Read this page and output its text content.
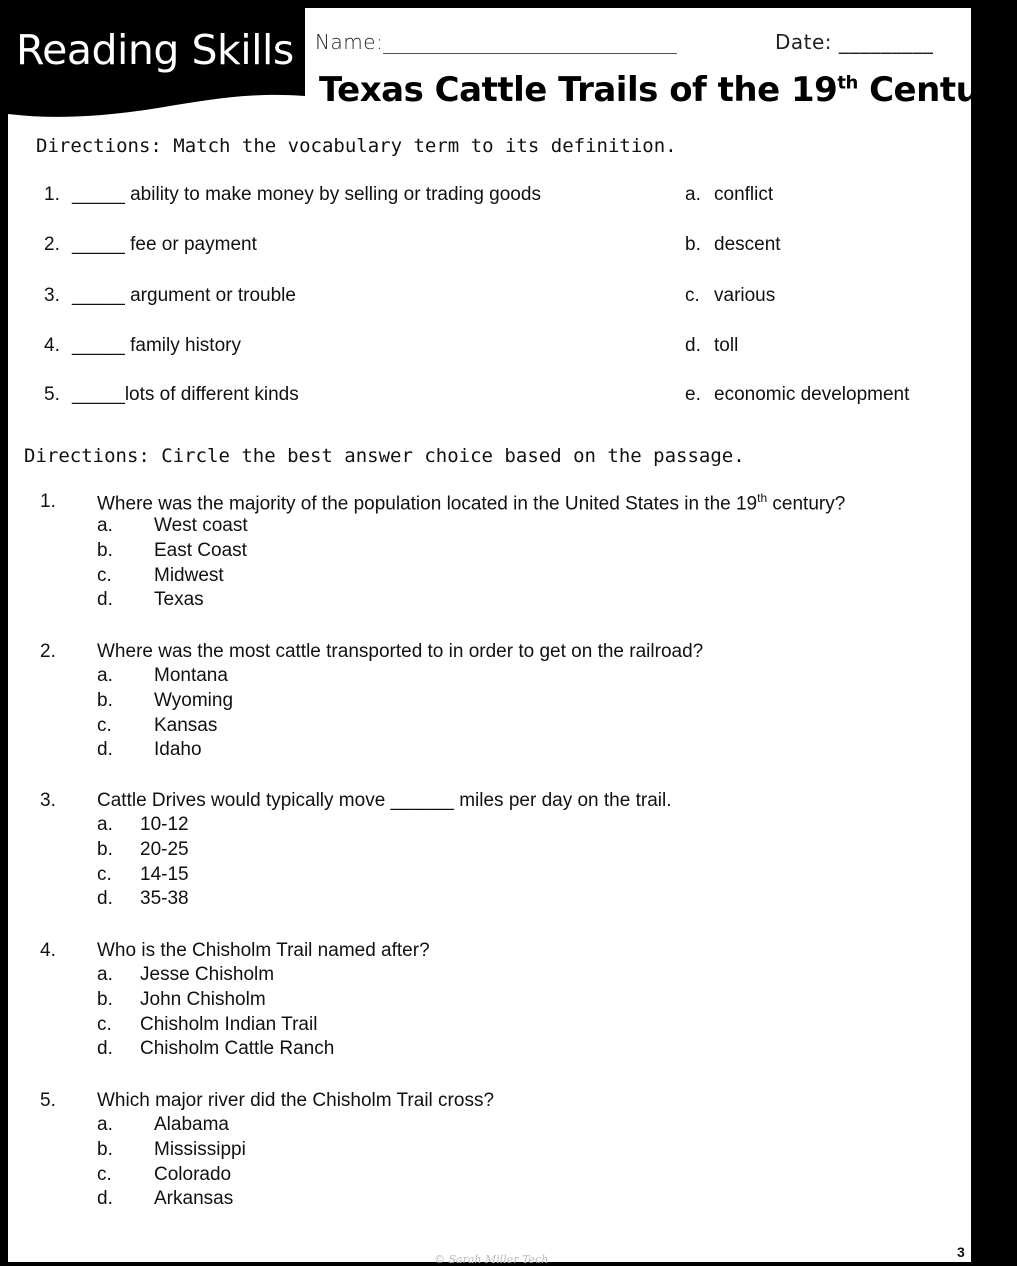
Reading Skills Name:____________________________	Date: _________
Texas Cattle Trails of the 19th Century
Directions: Match the vocabulary term to its definition.
1. _____ ability to make money by selling or trading goods	a. conflict
2. _____ fee or payment	b. descent
3. _____ argument or trouble	c. various
4. _____ family history	d. toll
5. _____lots of different kinds	e. economic development
Directions: Circle the best answer choice based on the passage.
1. Where was the majority of the population located in the United States in the 19th century?
a. West coast
b. East Coast
c. Midwest
d. Texas
2. Where was the most cattle transported to in order to get on the railroad?
a. Montana
b. Wyoming
c. Kansas
d. Idaho
3. Cattle Drives would typically move ______ miles per day on the trail.
a. 10-12
b. 20-25
c. 14-15
d. 35-38
4. Who is the Chisholm Trail named after?
a. Jesse Chisholm
b. John Chisholm
c. Chisholm Indian Trail
d. Chisholm Cattle Ranch
5. Which major river did the Chisholm Trail cross?
a. Alabama
b. Mississippi
c. Colorado
d. Arkansas
© Sarah Miller Tech	3
